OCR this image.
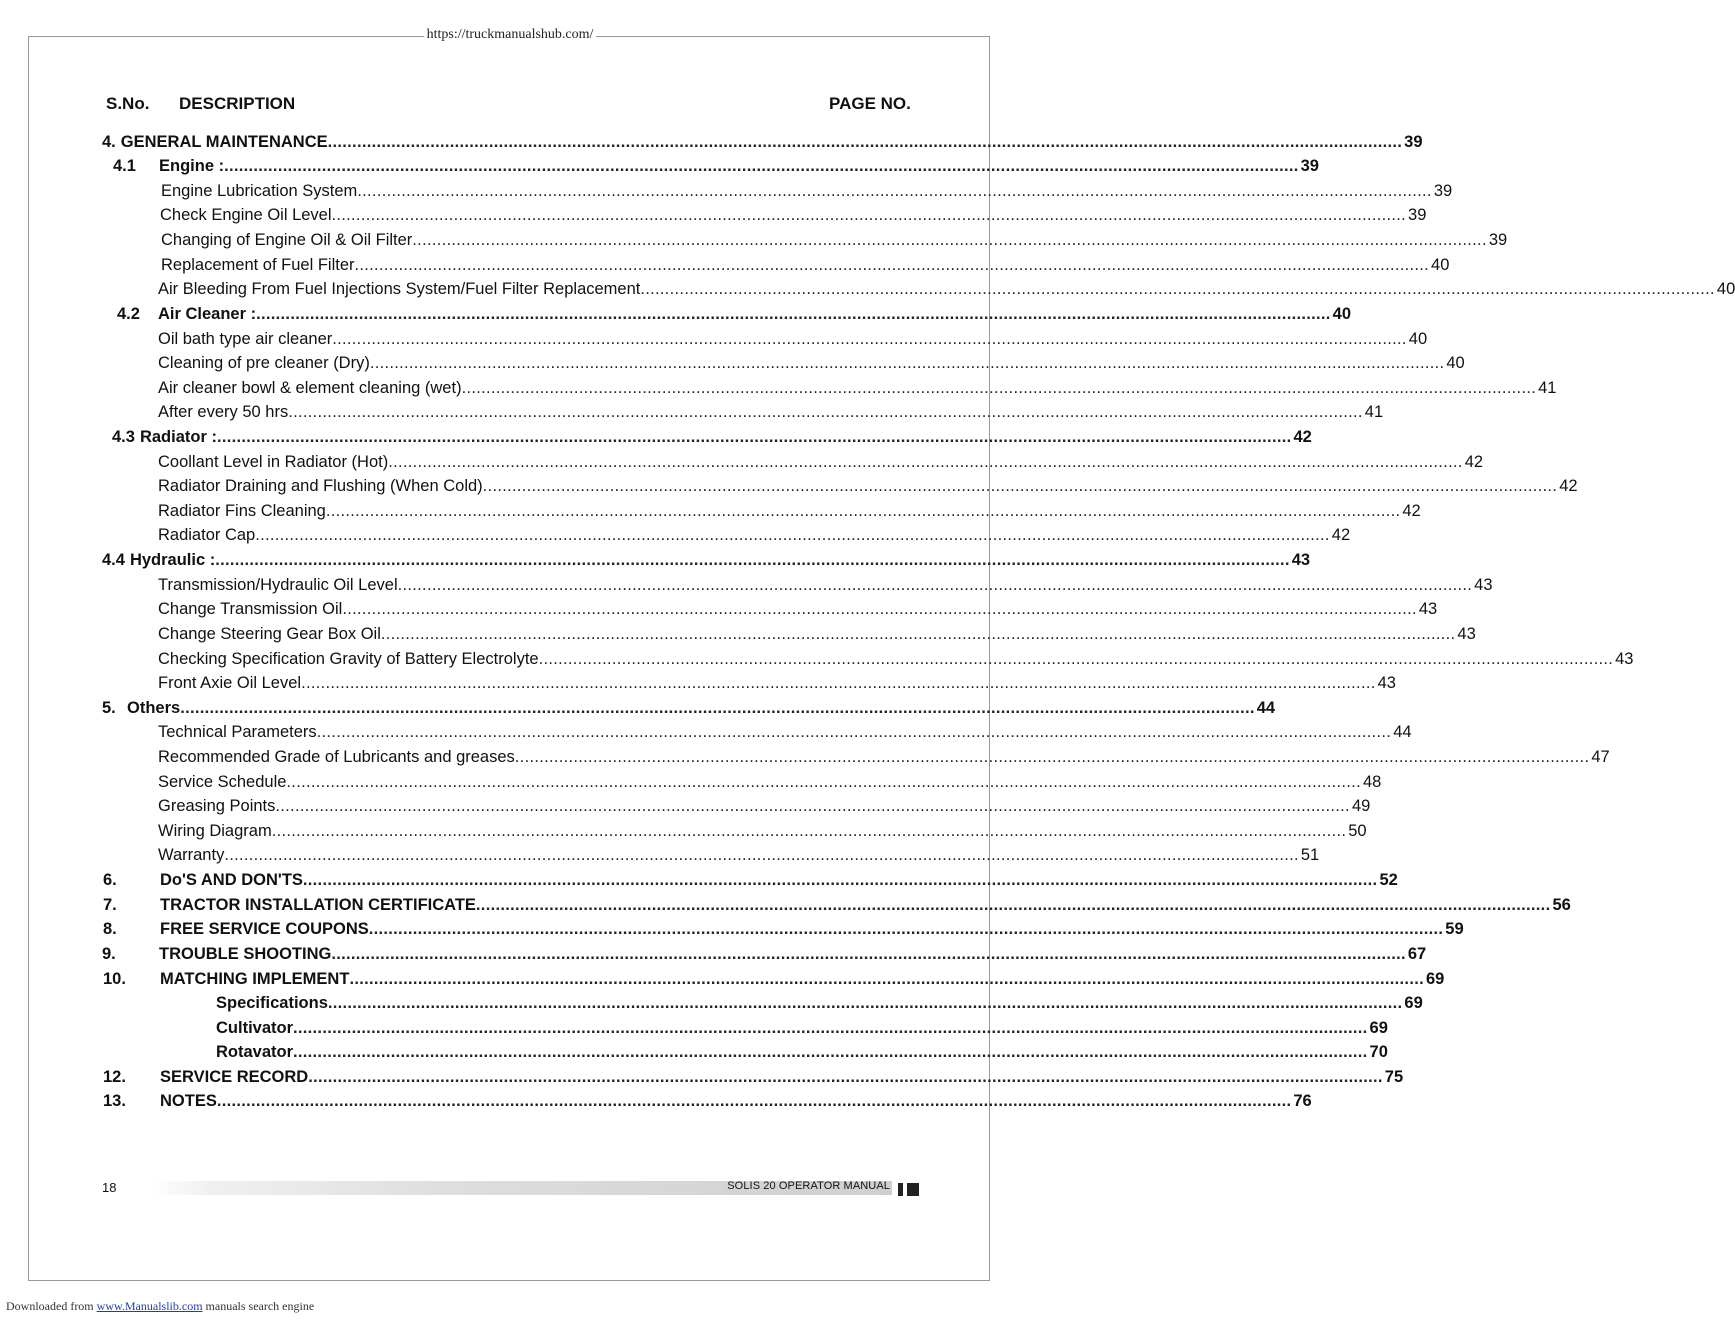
https://truckmanualshub.com/
S.No. DESCRIPTION	PAGE NO.
4. GENERAL MAINTENANCE ............................................................................................................................................................................................................................ 39
4.1 Engine : ............................................................................................................................................................................................................................ 39
Engine Lubrication System ............................................................................................................................................................................................................................ 39
Check Engine Oil Level ............................................................................................................................................................................................................................ 39
Changing of Engine Oil & Oil Filter ............................................................................................................................................................................................................................ 39
Replacement of Fuel Filter ............................................................................................................................................................................................................................ 40
Air Bleeding From Fuel Injections System/Fuel Filter Replacement ............................................................................................................................................................................................................................ 40
4.2 Air Cleaner : ............................................................................................................................................................................................................................ 40
Oil bath type air cleaner ............................................................................................................................................................................................................................ 40
Cleaning of pre cleaner (Dry) ............................................................................................................................................................................................................................ 40
Air cleaner bowl & element cleaning (wet) ............................................................................................................................................................................................................................ 41
After every 50 hrs ............................................................................................................................................................................................................................ 41
4.3 Radiator : ............................................................................................................................................................................................................................ 42
Coollant Level in Radiator (Hot) ............................................................................................................................................................................................................................ 42
Radiator Draining and Flushing (When Cold) ............................................................................................................................................................................................................................ 42
Radiator Fins Cleaning ............................................................................................................................................................................................................................ 42
Radiator Cap ............................................................................................................................................................................................................................ 42
4.4 Hydraulic : ............................................................................................................................................................................................................................ 43
Transmission/Hydraulic Oil Level ............................................................................................................................................................................................................................ 43
Change Transmission Oil ............................................................................................................................................................................................................................ 43
Change Steering Gear Box Oil ............................................................................................................................................................................................................................ 43
Checking Specification Gravity of Battery Electrolyte ............................................................................................................................................................................................................................ 43
Front Axie Oil Level ............................................................................................................................................................................................................................ 43
5. Others ............................................................................................................................................................................................................................ 44
Technical Parameters ............................................................................................................................................................................................................................ 44
Recommended Grade of Lubricants and greases ............................................................................................................................................................................................................................ 47
Service Schedule ............................................................................................................................................................................................................................ 48
Greasing Points ............................................................................................................................................................................................................................ 49
Wiring Diagram ............................................................................................................................................................................................................................ 50
Warranty ............................................................................................................................................................................................................................ 51
6.	Do'S AND DON'TS ............................................................................................................................................................................................................................ 52
7.	TRACTOR INSTALLATION CERTIFICATE ............................................................................................................................................................................................................................ 56
8.	FREE SERVICE COUPONS ............................................................................................................................................................................................................................ 59
9.	TROUBLE SHOOTING ............................................................................................................................................................................................................................ 67
10. MATCHING IMPLEMENT ............................................................................................................................................................................................................................ 69
Specifications ............................................................................................................................................................................................................................ 69
Cultivator ............................................................................................................................................................................................................................ 69
Rotavator ............................................................................................................................................................................................................................ 70
12. SERVICE RECORD ............................................................................................................................................................................................................................ 75
13. NOTES ............................................................................................................................................................................................................................ 76
18	SOLIS 20 OPERATOR MANUAL
Downloaded from www.Manualslib.com manuals search engine
